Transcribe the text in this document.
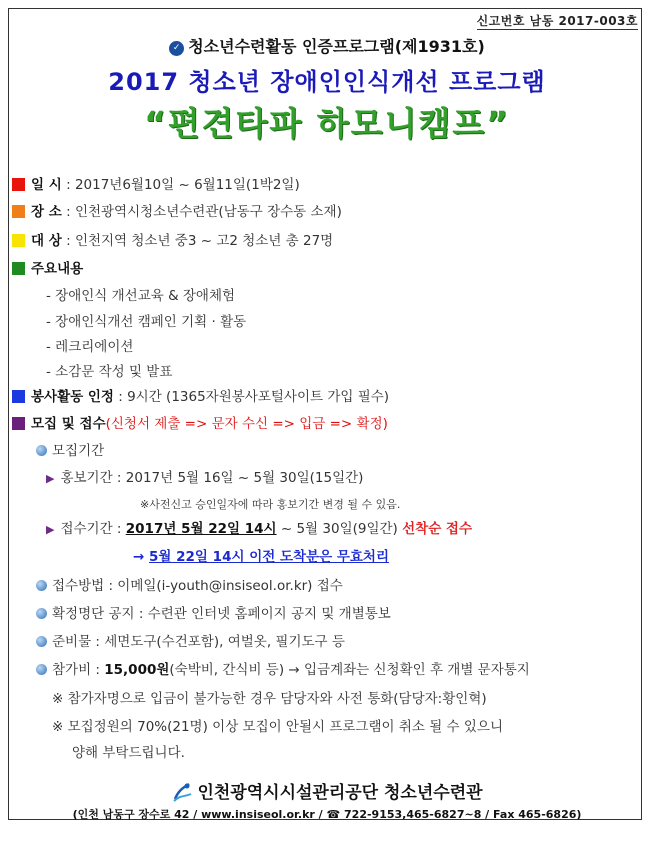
신고번호 남동 2017-003호
✓ 청소년수련활동 인증프로그램(제1931호)
2017 청소년 장애인인식개선 프로그램
“편견타파 하모니캠프”
일 시 : 2017년6월10일 ~ 6월11일(1박2일)
장 소 : 인천광역시청소년수련관(남동구 장수동 소재)
대 상 : 인천지역 청소년 중3 ~ 고2 청소년 총 27명
주요내용
- 장애인식 개선교육 & 장애체험
- 장애인식개선 캠페인 기획 · 활동
- 레크리에이션
- 소감문 작성 및 발표
봉사활동 인정 : 9시간 (1365자원봉사포털사이트 가입 필수)
모집 및 접수(신청서 제출 => 문자 수신 => 입금 => 확정)
모집기간
▶ 홍보기간 : 2017년 5월 16일 ~ 5월 30일(15일간)
※사전신고 승인일자에 따라 홍보기간 변경 될 수 있음.
▶ 접수기간 : 2017년 5월 22일 14시 ~ 5월 30일(9일간) 선착순 접수
→ 5월 22일 14시 이전 도착분은 무효처리
접수방법 : 이메일(i-youth@insiseol.or.kr) 접수
확정명단 공지 : 수련관 인터넷 홈페이지 공지 및 개별통보
준비물 : 세면도구(수건포함), 여벌옷, 필기도구 등
참가비 : 15,000원(숙박비, 간식비 등) → 입금계좌는 신청확인 후 개별 문자통지
※ 참가자명으로 입금이 불가능한 경우 담당자와 사전 통화(담당자:황인혁)
※ 모집정원의 70%(21명) 이상 모집이 안될시 프로그램이 취소 될 수 있으니
양해 부탁드립니다.
인천광역시시설관리공단 청소년수련관
(인천 남동구 장수로 42 / www.insiseol.or.kr / ☎ 722-9153,465-6827~8 / Fax 465-6826)
